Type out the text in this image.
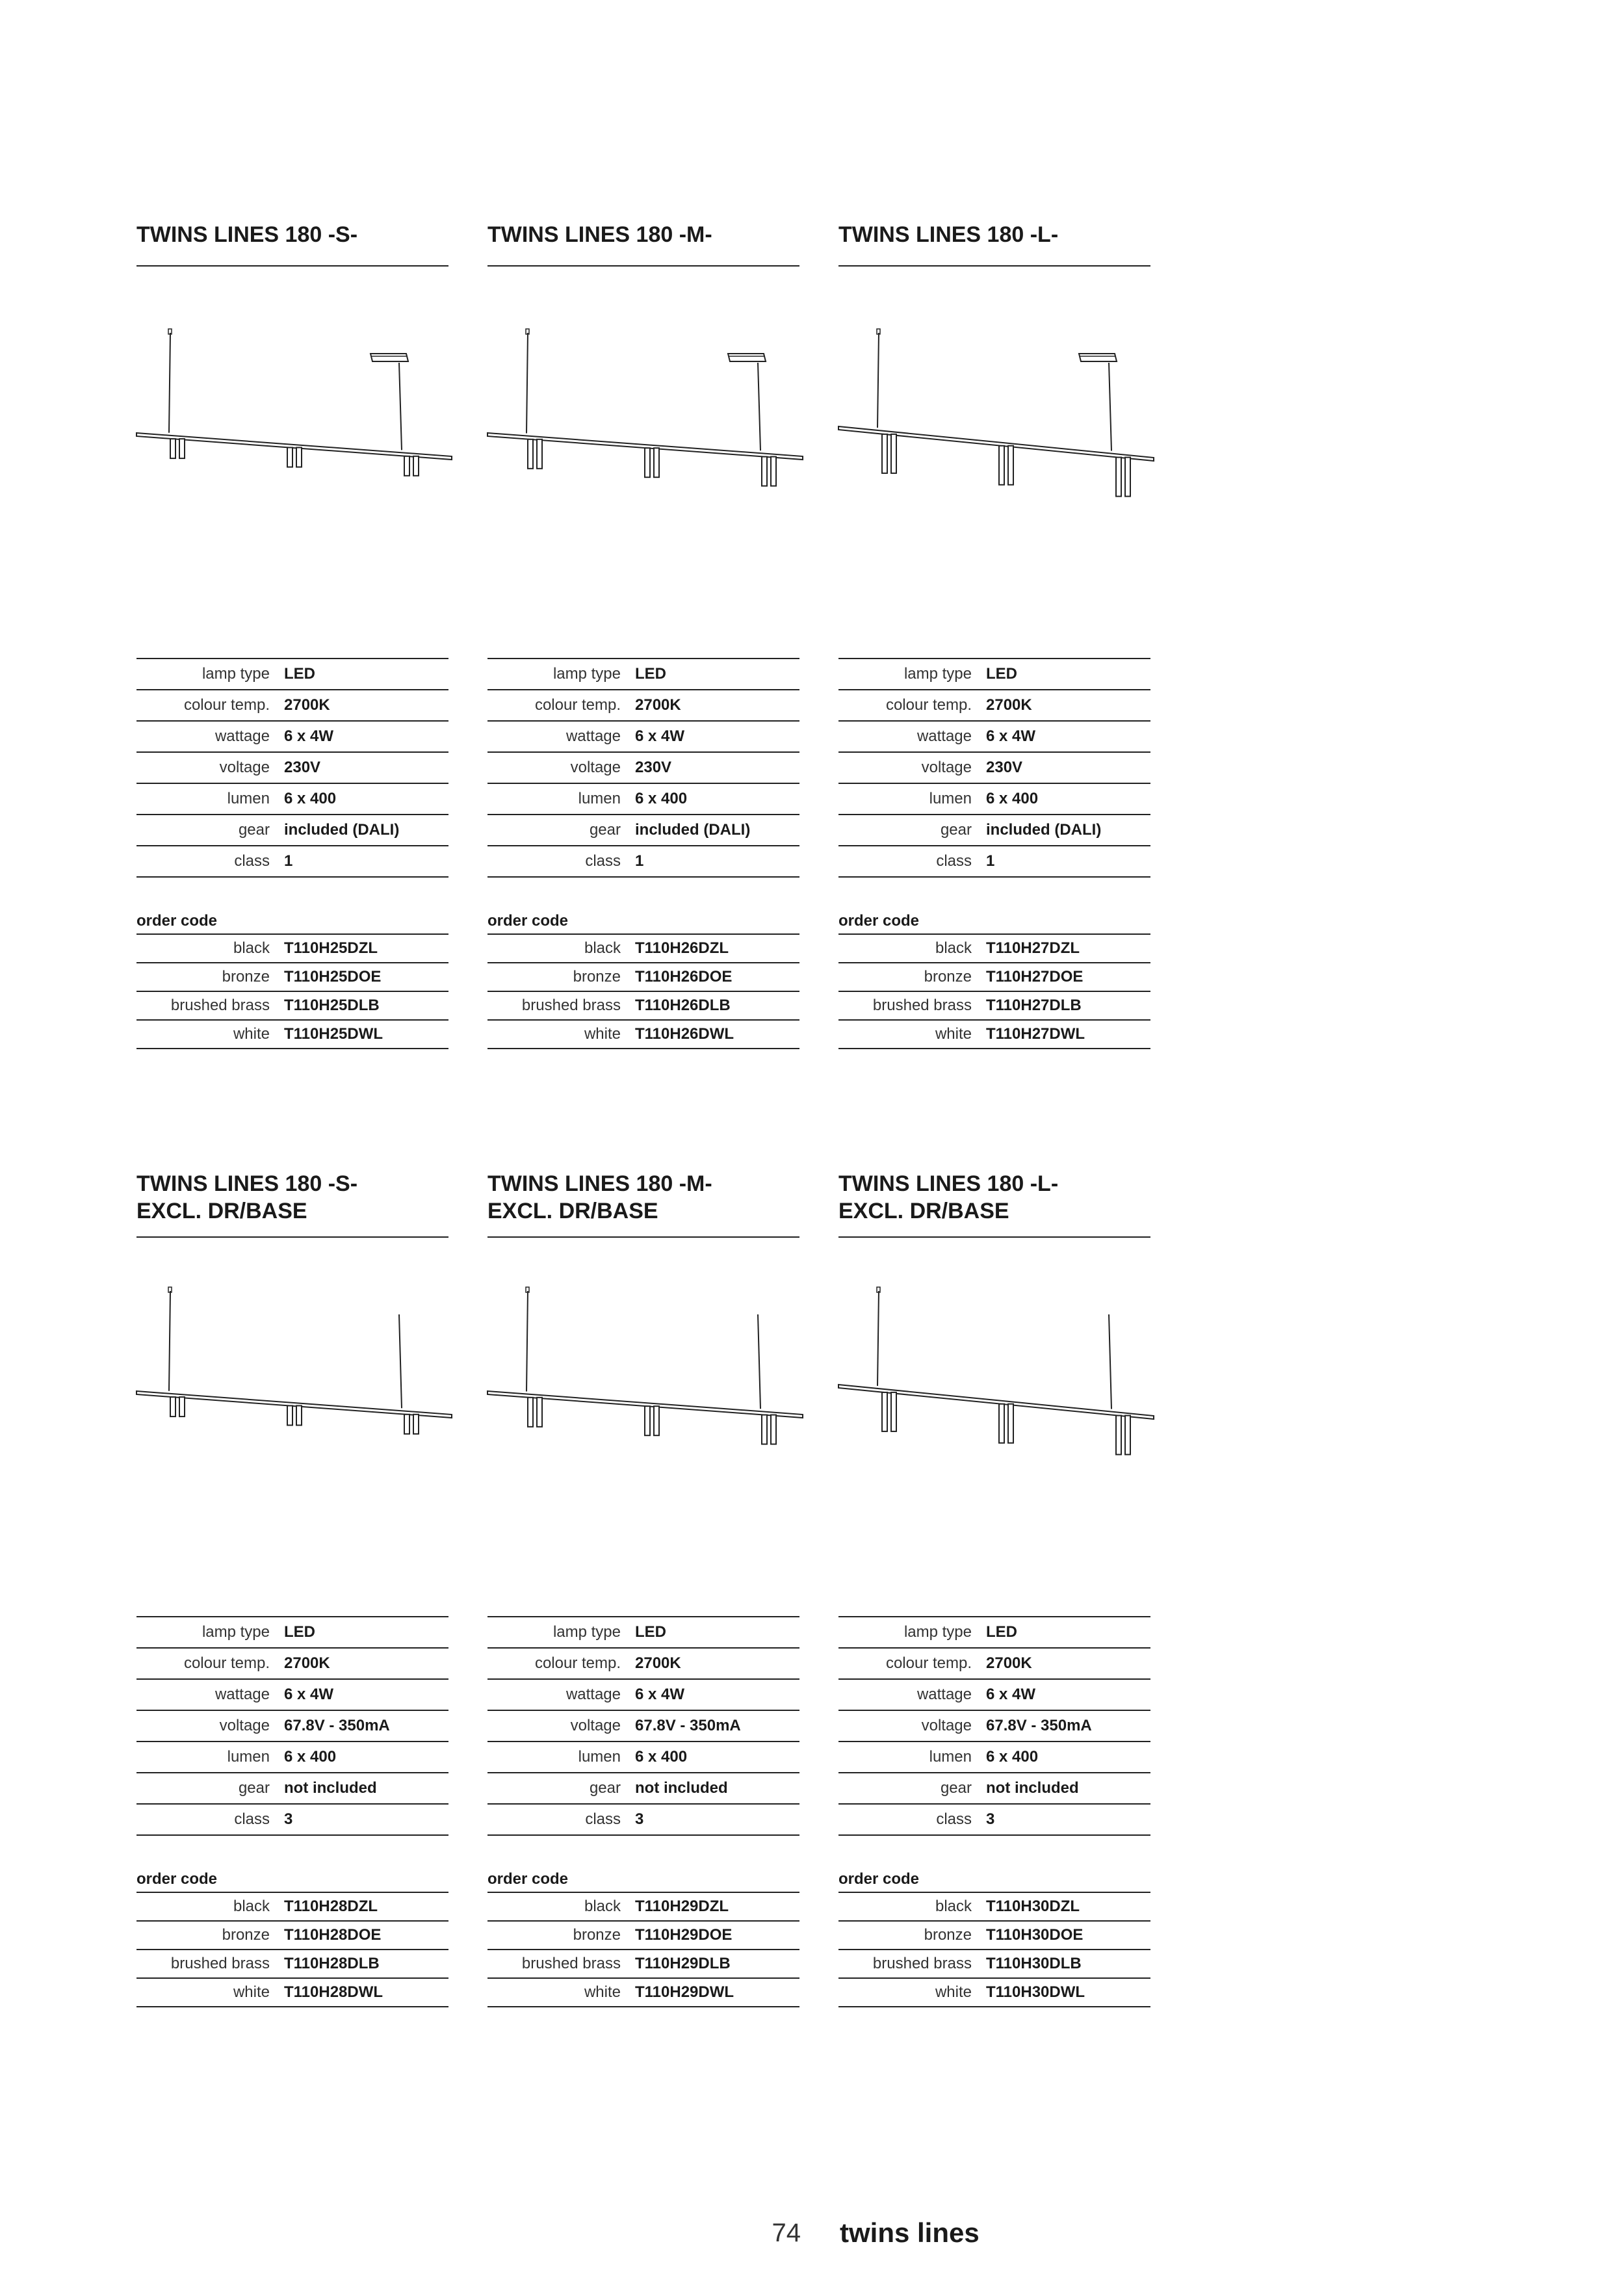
TWINS LINES 180 -S-
lamp type	LED
colour temp.	2700K
wattage	6 x 4W
voltage	230V
lumen	6 x 400
gear	included (DALI)
class	1
order code
black	T110H25DZL
bronze	T110H25DOE
brushed brass	T110H25DLB
white	T110H25DWL
TWINS LINES 180 -M-
lamp type	LED
colour temp.	2700K
wattage	6 x 4W
voltage	230V
lumen	6 x 400
gear	included (DALI)
class	1
order code
black	T110H26DZL
bronze	T110H26DOE
brushed brass	T110H26DLB
white	T110H26DWL
TWINS LINES 180 -L-
lamp type	LED
colour temp.	2700K
wattage	6 x 4W
voltage	230V
lumen	6 x 400
gear	included (DALI)
class	1
order code
black	T110H27DZL
bronze	T110H27DOE
brushed brass	T110H27DLB
white	T110H27DWL
TWINS LINES 180 -S-
EXCL. DR/BASE
lamp type	LED
colour temp.	2700K
wattage	6 x 4W
voltage	67.8V - 350mA
lumen	6 x 400
gear	not included
class	3
order code
black	T110H28DZL
bronze	T110H28DOE
brushed brass	T110H28DLB
white	T110H28DWL
TWINS LINES 180 -M-
EXCL. DR/BASE
lamp type	LED
colour temp.	2700K
wattage	6 x 4W
voltage	67.8V - 350mA
lumen	6 x 400
gear	not included
class	3
order code
black	T110H29DZL
bronze	T110H29DOE
brushed brass	T110H29DLB
white	T110H29DWL
TWINS LINES 180 -L-
EXCL. DR/BASE
lamp type	LED
colour temp.	2700K
wattage	6 x 4W
voltage	67.8V - 350mA
lumen	6 x 400
gear	not included
class	3
order code
black	T110H30DZL
bronze	T110H30DOE
brushed brass	T110H30DLB
white	T110H30DWL
74 twins lines
